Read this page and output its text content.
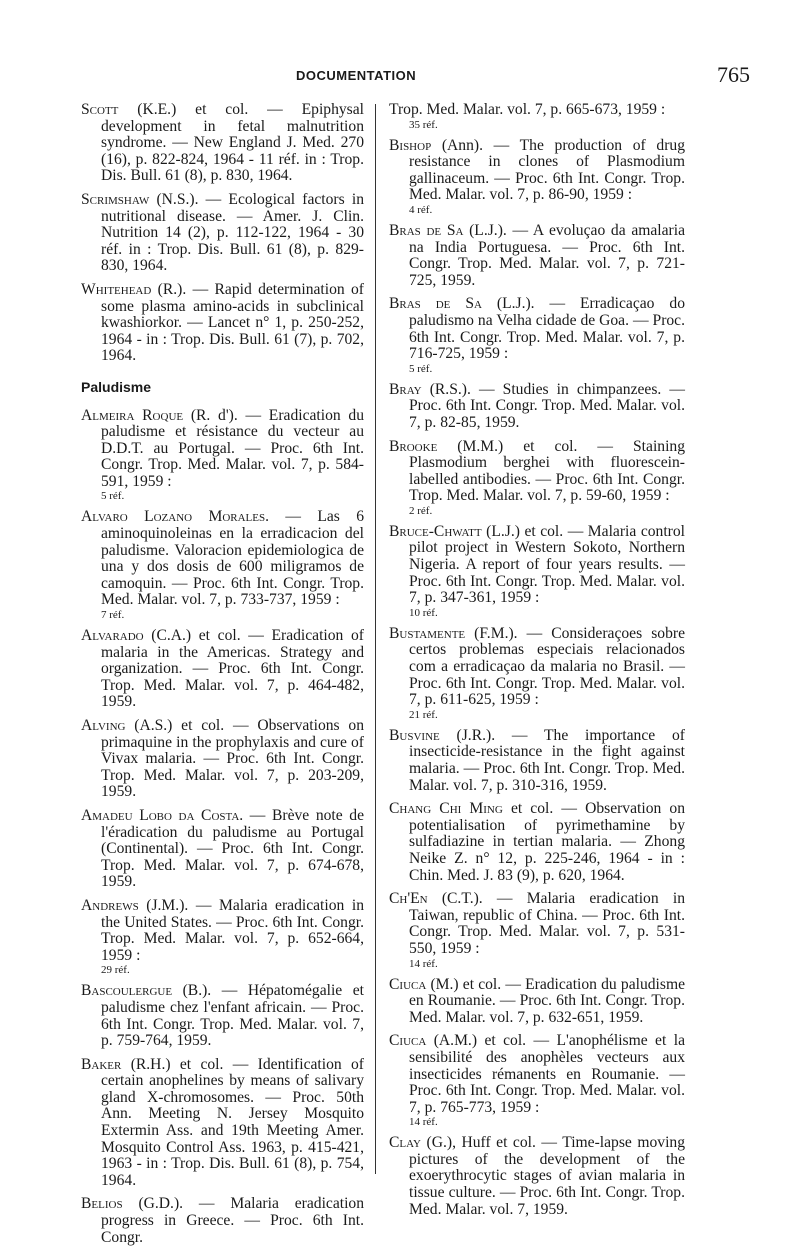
DOCUMENTATION	765
Scott (K.E.) et col. — Epiphysal development in fetal malnutrition syndrome. — New England J. Med. 270 (16), p. 822-824, 1964 - 11 réf. in : Trop. Dis. Bull. 61 (8), p. 830, 1964.
Scrimshaw (N.S.). — Ecological factors in nutritional disease. — Amer. J. Clin. Nutrition 14 (2), p. 112-122, 1964 - 30 réf. in : Trop. Dis. Bull. 61 (8), p. 829-830, 1964.
Whitehead (R.). — Rapid determination of some plasma amino-acids in subclinical kwashiorkor. — Lancet n° 1, p. 250-252, 1964 - in : Trop. Dis. Bull. 61 (7), p. 702, 1964.
Paludisme
Almeira Roque (R. d'). — Eradication du paludisme et résistance du vecteur au D.D.T. au Portugal. — Proc. 6th Int. Congr. Trop. Med. Malar. vol. 7, p. 584-591, 1959 :
5 réf.
Alvaro Lozano Morales. — Las 6 aminoquinoleinas en la erradicacion del paludisme. Valoracion epidemiologica de una y dos dosis de 600 miligramos de camoquin. — Proc. 6th Int. Congr. Trop. Med. Malar. vol. 7, p. 733-737, 1959 :
7 réf.
Alvarado (C.A.) et col. — Eradication of malaria in the Americas. Strategy and organization. — Proc. 6th Int. Congr. Trop. Med. Malar. vol. 7, p. 464-482, 1959.
Alving (A.S.) et col. — Observations on primaquine in the prophylaxis and cure of Vivax malaria. — Proc. 6th Int. Congr. Trop. Med. Malar. vol. 7, p. 203-209, 1959.
Amadeu Lobo da Costa. — Brève note de l'éradication du paludisme au Portugal (Continental). — Proc. 6th Int. Congr. Trop. Med. Malar. vol. 7, p. 674-678, 1959.
Andrews (J.M.). — Malaria eradication in the United States. — Proc. 6th Int. Congr. Trop. Med. Malar. vol. 7, p. 652-664, 1959 :
29 réf.
Bascoulergue (B.). — Hépatomégalie et paludisme chez l'enfant africain. — Proc. 6th Int. Congr. Trop. Med. Malar. vol. 7, p. 759-764, 1959.
Baker (R.H.) et col. — Identification of certain anophelines by means of salivary gland X-chromosomes. — Proc. 50th Ann. Meeting N. Jersey Mosquito Extermin Ass. and 19th Meeting Amer. Mosquito Control Ass. 1963, p. 415-421, 1963 - in : Trop. Dis. Bull. 61 (8), p. 754, 1964.
Belios (G.D.). — Malaria eradication progress in Greece. — Proc. 6th Int. Congr.
Trop. Med. Malar. vol. 7, p. 665-673, 1959 :
35 réf.
Bishop (Ann). — The production of drug resistance in clones of Plasmodium gallinaceum. — Proc. 6th Int. Congr. Trop. Med. Malar. vol. 7, p. 86-90, 1959 :
4 réf.
Bras de Sa (L.J.). — A evoluçao da amalaria na India Portuguesa. — Proc. 6th Int. Congr. Trop. Med. Malar. vol. 7, p. 721-725, 1959.
Bras de Sa (L.J.). — Erradicaçao do paludismo na Velha cidade de Goa. — Proc. 6th Int. Congr. Trop. Med. Malar. vol. 7, p. 716-725, 1959 :
5 réf.
Bray (R.S.). — Studies in chimpanzees. — Proc. 6th Int. Congr. Trop. Med. Malar. vol. 7, p. 82-85, 1959.
Brooke (M.M.) et col. — Staining Plasmodium berghei with fluorescein-labelled antibodies. — Proc. 6th Int. Congr. Trop. Med. Malar. vol. 7, p. 59-60, 1959 :
2 réf.
Bruce-Chwatt (L.J.) et col. — Malaria control pilot project in Western Sokoto, Northern Nigeria. A report of four years results. — Proc. 6th Int. Congr. Trop. Med. Malar. vol. 7, p. 347-361, 1959 :
10 réf.
Bustamente (F.M.). — Consideraçoes sobre certos problemas especiais relacionados com a erradicaçao da malaria no Brasil. — Proc. 6th Int. Congr. Trop. Med. Malar. vol. 7, p. 611-625, 1959 :
21 réf.
Busvine (J.R.). — The importance of insecticide-resistance in the fight against malaria. — Proc. 6th Int. Congr. Trop. Med. Malar. vol. 7, p. 310-316, 1959.
Chang Chi Ming et col. — Observation on potentialisation of pyrimethamine by sulfadiazine in tertian malaria. — Zhong Neike Z. n° 12, p. 225-246, 1964 - in : Chin. Med. J. 83 (9), p. 620, 1964.
Ch'En (C.T.). — Malaria eradication in Taiwan, republic of China. — Proc. 6th Int. Congr. Trop. Med. Malar. vol. 7, p. 531-550, 1959 :
14 réf.
Ciuca (M.) et col. — Eradication du paludisme en Roumanie. — Proc. 6th Int. Congr. Trop. Med. Malar. vol. 7, p. 632-651, 1959.
Ciuca (A.M.) et col. — L'anophélisme et la sensibilité des anophèles vecteurs aux insecticides rémanents en Roumanie. — Proc. 6th Int. Congr. Trop. Med. Malar. vol. 7, p. 765-773, 1959 :
14 réf.
Clay (G.), Huff et col. — Time-lapse moving pictures of the development of the exoerythrocytic stages of avian malaria in tissue culture. — Proc. 6th Int. Congr. Trop. Med. Malar. vol. 7, 1959.
